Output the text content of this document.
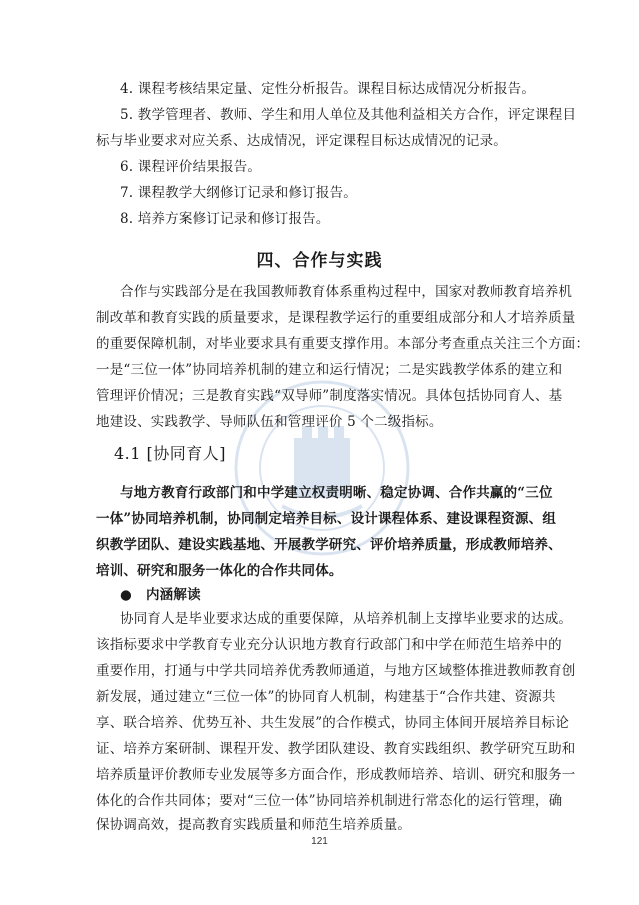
4. 课程考核结果定量、定性分析报告。课程目标达成情况分析报告。
5. 教学管理者、教师、学生和用人单位及其他利益相关方合作，评定课程目
标与毕业要求对应关系、达成情况，评定课程目标达成情况的记录。
6. 课程评价结果报告。
7. 课程教学大纲修订记录和修订报告。
8. 培养方案修订记录和修订报告。
四、合作与实践
合作与实践部分是在我国教师教育体系重构过程中，国家对教师教育培养机
制改革和教育实践的质量要求，是课程教学运行的重要组成部分和人才培养质量
的重要保障机制，对毕业要求具有重要支撑作用。本部分考查重点关注三个方面：
一是“三位一体”协同培养机制的建立和运行情况；二是实践教学体系的建立和
管理评价情况；三是教育实践“双导师”制度落实情况。具体包括协同育人、基
地建设、实践教学、导师队伍和管理评价 5 个二级指标。
4.1 [协同育人]
与地方教育行政部门和中学建立权责明晰、稳定协调、合作共赢的“三位
一体”协同培养机制，协同制定培养目标、设计课程体系、建设课程资源、组
织教学团队、建设实践基地、开展教学研究、评价培养质量，形成教师培养、
培训、研究和服务一体化的合作共同体。
● 内涵解读
协同育人是毕业要求达成的重要保障，从培养机制上支撑毕业要求的达成。
该指标要求中学教育专业充分认识地方教育行政部门和中学在师范生培养中的
重要作用，打通与中学共同培养优秀教师通道，与地方区域整体推进教师教育创
新发展，通过建立“三位一体”的协同育人机制，构建基于“合作共建、资源共
享、联合培养、优势互补、共生发展”的合作模式，协同主体间开展培养目标论
证、培养方案研制、课程开发、教学团队建设、教育实践组织、教学研究互助和
培养质量评价教师专业发展等多方面合作，形成教师培养、培训、研究和服务一
体化的合作共同体；要对“三位一体”协同培养机制进行常态化的运行管理，确
保协调高效，提高教育实践质量和师范生培养质量。
121
